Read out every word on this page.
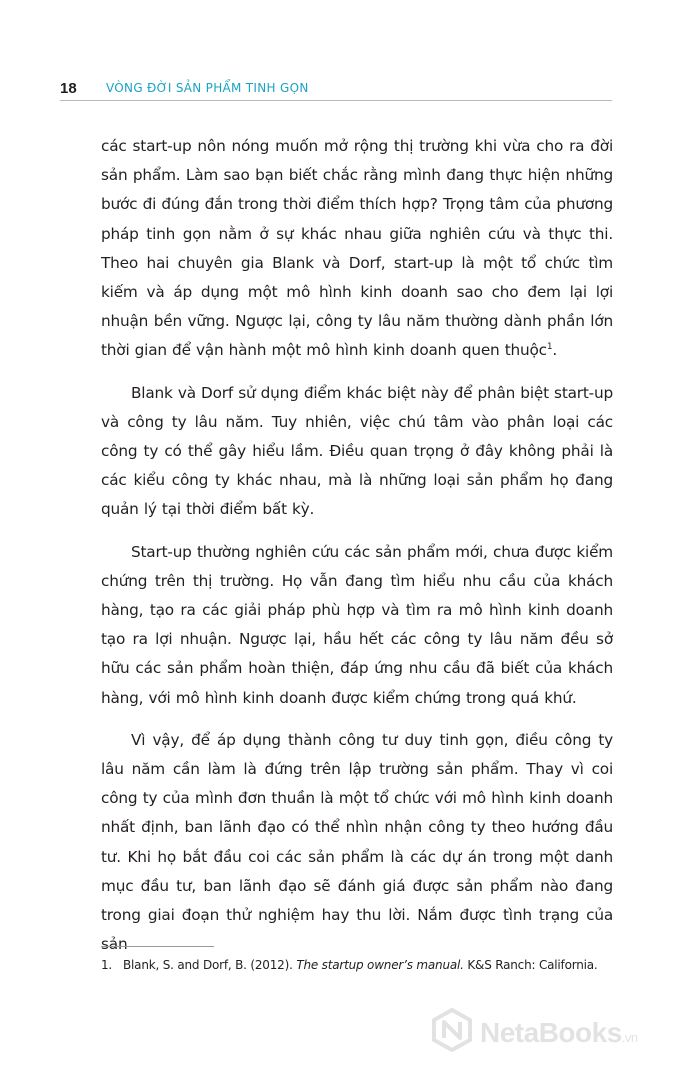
18 VÒNG ĐỜI SẢN PHẨM TINH GỌN

các start-up nôn nóng muốn mở rộng thị trường khi vừa cho ra đời sản phẩm. Làm sao bạn biết chắc rằng mình đang thực hiện những bước đi đúng đắn trong thời điểm thích hợp? Trọng tâm của phương pháp tinh gọn nằm ở sự khác nhau giữa nghiên cứu và thực thi. Theo hai chuyên gia Blank và Dorf, start-up là một tổ chức tìm kiếm và áp dụng một mô hình kinh doanh sao cho đem lại lợi nhuận bền vững. Ngược lại, công ty lâu năm thường dành phần lớn thời gian để vận hành một mô hình kinh doanh quen thuộc$^1$.

Blank và Dorf sử dụng điểm khác biệt này để phân biệt start-up và công ty lâu năm. Tuy nhiên, việc chú tâm vào phân loại các công ty có thể gây hiểu lầm. Điều quan trọng ở đây không phải là các kiểu công ty khác nhau, mà là những loại sản phẩm họ đang quản lý tại thời điểm bất kỳ.

Start-up thường nghiên cứu các sản phẩm mới, chưa được kiểm chứng trên thị trường. Họ vẫn đang tìm hiểu nhu cầu của khách hàng, tạo ra các giải pháp phù hợp và tìm ra mô hình kinh doanh tạo ra lợi nhuận. Ngược lại, hầu hết các công ty lâu năm đều sở hữu các sản phẩm hoàn thiện, đáp ứng nhu cầu đã biết của khách hàng, với mô hình kinh doanh được kiểm chứng trong quá khứ.

Vì vậy, để áp dụng thành công tư duy tinh gọn, điều công ty lâu năm cần làm là đứng trên lập trường sản phẩm. Thay vì coi công ty của mình đơn thuần là một tổ chức với mô hình kinh doanh nhất định, ban lãnh đạo có thể nhìn nhận công ty theo hướng đầu tư. Khi họ bắt đầu coi các sản phẩm là các dự án trong một danh mục đầu tư, ban lãnh đạo sẽ đánh giá được sản phẩm nào đang trong giai đoạn thử nghiệm hay thu lời. Nắm được tình trạng của sản

1. Blank, S. and Dorf, B. (2012). The startup owner’s manual. K&S Ranch: California.
NetaBooks.vn
